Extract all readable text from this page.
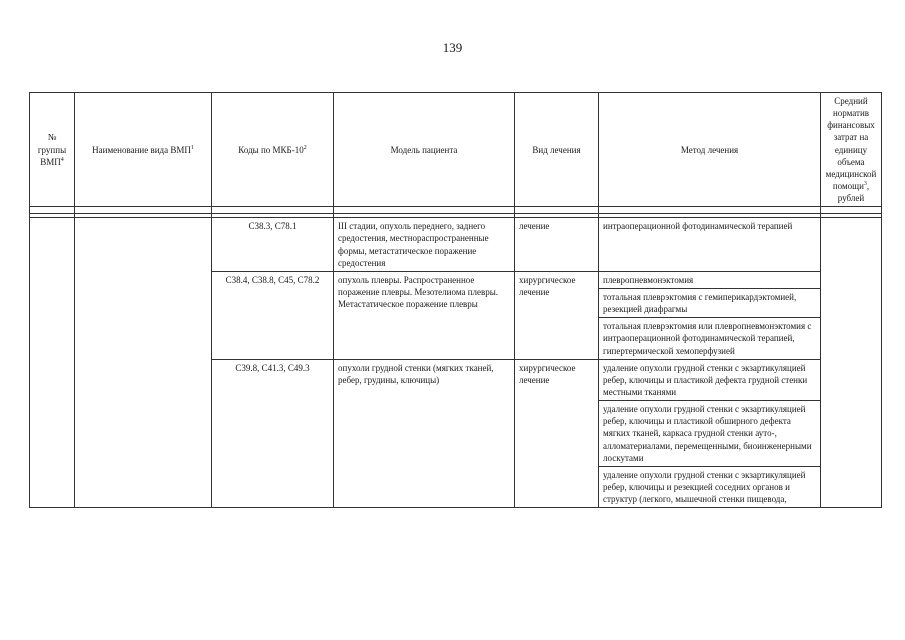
139
№ группы ВМП$^4$	Наименование вида ВМП$^1$	Коды по МКБ-$10^2$	Модель пациента	Вид лечения	Метод лечения	Средний норматив финансовых затрат на единицу объема медицинской помощи$^3$, рублей

		C38.3, C78.1	III стадии, опухоль переднего, заднего средостения, местнораспространенные формы, метастатическое поражение средостения	лечение	интраоперационной фотодинамической терапией	
		C38.4, C38.8, C45, C78.2	опухоль плевры. Распространенное поражение плевры. Мезотелиома плевры. Метастатическое поражение плевры	хирургическое лечение	плевропневмонэктомия	
					тотальная плеврэктомия с гемиперикардэктомией, резекцией диафрагмы	
					тотальная плеврэктомия или плевропневмонэктомия с интраоперационной фотодинамической терапией, гипертермической хемоперфузией	
		C39.8, C41.3, C49.3	опухоли грудной стенки (мягких тканей, ребер, грудины, ключицы)	хирургическое лечение	удаление опухоли грудной стенки с экзартикуляцией ребер, ключицы и пластикой дефекта грудной стенки местными тканями	
					удаление опухоли грудной стенки с экзартикуляцией ребер, ключицы и пластикой обширного дефекта мягких тканей, каркаса грудной стенки ауто-, алломатериалами, перемещенными, биоинженерными лоскутами	
					удаление опухоли грудной стенки с экзартикуляцией ребер, ключицы и резекцией соседних органов и структур (легкого, мышечной стенки пищевода,	
